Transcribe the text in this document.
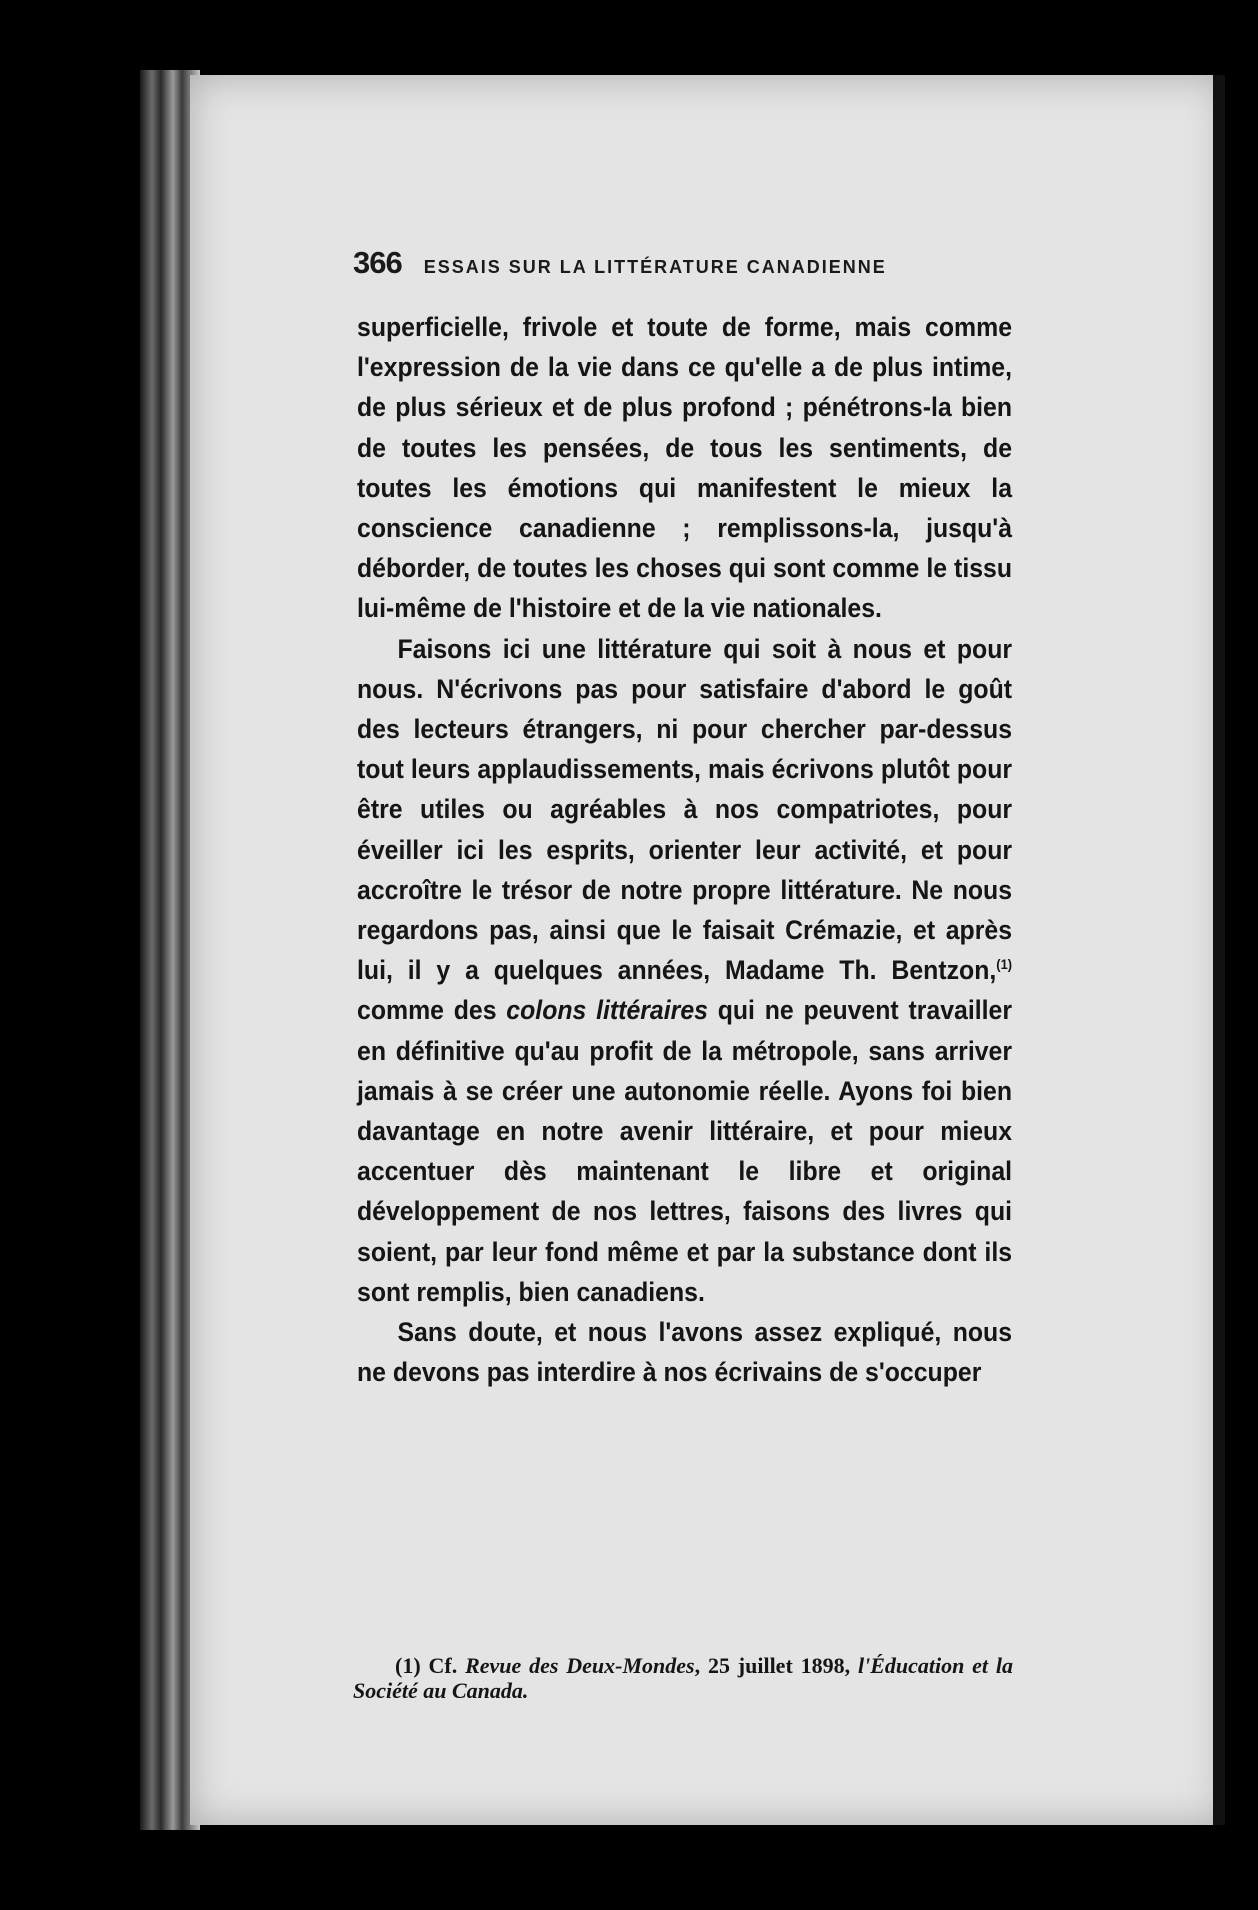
366 ESSAIS SUR LA LITTÉRATURE CANADIENNE

superficielle, frivole et toute de forme, mais comme l'expression de la vie dans ce qu'elle a de plus intime, de plus sérieux et de plus profond ; pénétrons-la bien de toutes les pensées, de tous les sentiments, de toutes les émotions qui manifestent le mieux la conscience canadienne ; remplissons-la, jusqu'à déborder, de toutes les choses qui sont comme le tissu lui-même de l'histoire et de la vie nationales.

Faisons ici une littérature qui soit à nous et pour nous. N'écrivons pas pour satisfaire d'abord le goût des lecteurs étrangers, ni pour chercher par-dessus tout leurs applaudissements, mais écrivons plutôt pour être utiles ou agréables à nos compatriotes, pour éveiller ici les esprits, orienter leur activité, et pour accroître le trésor de notre propre littérature. Ne nous regardons pas, ainsi que le faisait Crémazie, et après lui, il y a quelques années, Madame Th. Bentzon,$^{(1)}$ comme des colons littéraires qui ne peuvent travailler en définitive qu'au profit de la métropole, sans arriver jamais à se créer une autonomie réelle. Ayons foi bien davantage en notre avenir littéraire, et pour mieux accentuer dès maintenant le libre et original développement de nos lettres, faisons des livres qui soient, par leur fond même et par la substance dont ils sont remplis, bien canadiens.

Sans doute, et nous l'avons assez expliqué, nous ne devons pas interdire à nos écrivains de s'occuper

(1) Cf. Revue des Deux-Mondes, 25 juillet 1898, l'Éducation et la Société au Canada.
